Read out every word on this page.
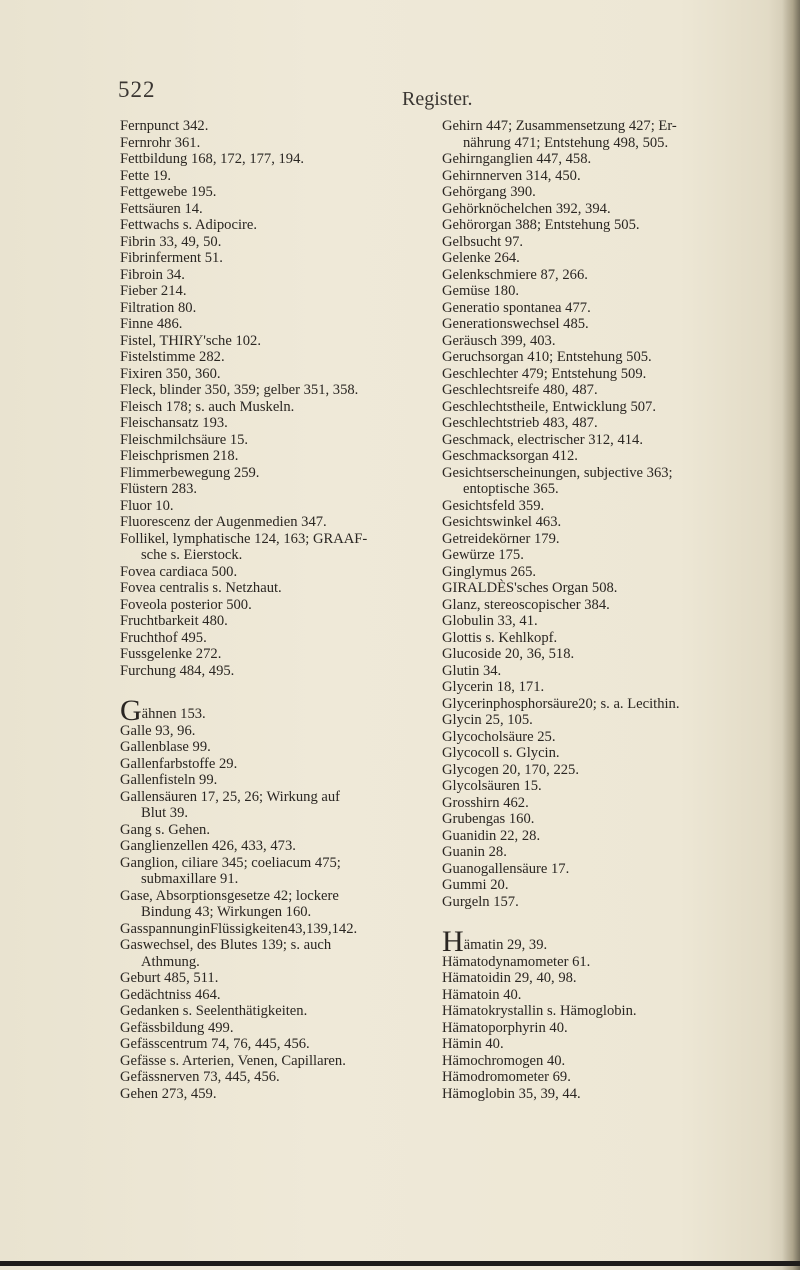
522	Register.
Fernpunct 342.
Fernrohr 361.
Fettbildung 168, 172, 177, 194.
Fette 19.
Fettgewebe 195.
Fettsäuren 14.
Fettwachs s. Adipocire.
Fibrin 33, 49, 50.
Fibrinferment 51.
Fibroin 34.
Fieber 214.
Filtration 80.
Finne 486.
Fistel, THIRY'sche 102.
Fistelstimme 282.
Fixiren 350, 360.
Fleck, blinder 350, 359; gelber 351, 358.
Fleisch 178; s. auch Muskeln.
Fleischansatz 193.
Fleischmilchsäure 15.
Fleischprismen 218.
Flimmerbewegung 259.
Flüstern 283.
Fluor 10.
Fluorescenz der Augenmedien 347.
Follikel, lymphatische 124, 163; GRAAF-
sche s. Eierstock.
Fovea cardiaca 500.
Fovea centralis s. Netzhaut.
Foveola posterior 500.
Fruchtbarkeit 480.
Fruchthof 495.
Fussgelenke 272.
Furchung 484, 495.
Gähnen 153.
Galle 93, 96.
Gallenblase 99.
Gallenfarbstoffe 29.
Gallenfisteln 99.
Gallensäuren 17, 25, 26; Wirkung auf
Blut 39.
Gang s. Gehen.
Ganglienzellen 426, 433, 473.
Ganglion, ciliare 345; coeliacum 475;
submaxillare 91.
Gase, Absorptionsgesetze 42; lockere
Bindung 43; Wirkungen 160.
GasspannunginFlüssigkeiten43,139,142.
Gaswechsel, des Blutes 139; s. auch
Athmung.
Geburt 485, 511.
Gedächtniss 464.
Gedanken s. Seelenthätigkeiten.
Gefässbildung 499.
Gefässcentrum 74, 76, 445, 456.
Gefässe s. Arterien, Venen, Capillaren.
Gefässnerven 73, 445, 456.
Gehen 273, 459.
Gehirn 447; Zusammensetzung 427; Er-
nährung 471; Entstehung 498, 505.
Gehirnganglien 447, 458.
Gehirnnerven 314, 450.
Gehörgang 390.
Gehörknöchelchen 392, 394.
Gehörorgan 388; Entstehung 505.
Gelbsucht 97.
Gelenke 264.
Gelenkschmiere 87, 266.
Gemüse 180.
Generatio spontanea 477.
Generationswechsel 485.
Geräusch 399, 403.
Geruchsorgan 410; Entstehung 505.
Geschlechter 479; Entstehung 509.
Geschlechtsreife 480, 487.
Geschlechtstheile, Entwicklung 507.
Geschlechtstrieb 483, 487.
Geschmack, electrischer 312, 414.
Geschmacksorgan 412.
Gesichtserscheinungen, subjective 363;
entoptische 365.
Gesichtsfeld 359.
Gesichtswinkel 463.
Getreidekörner 179.
Gewürze 175.
Ginglymus 265.
GIRALDÈS'sches Organ 508.
Glanz, stereoscopischer 384.
Globulin 33, 41.
Glottis s. Kehlkopf.
Glucoside 20, 36, 518.
Glutin 34.
Glycerin 18, 171.
Glycerinphosphorsäure20; s. a. Lecithin.
Glycin 25, 105.
Glycocholsäure 25.
Glycocoll s. Glycin.
Glycogen 20, 170, 225.
Glycolsäuren 15.
Grosshirn 462.
Grubengas 160.
Guanidin 22, 28.
Guanin 28.
Guanogallensäure 17.
Gummi 20.
Gurgeln 157.
Hämatin 29, 39.
Hämatodynamometer 61.
Hämatoidin 29, 40, 98.
Hämatoin 40.
Hämatokrystallin s. Hämoglobin.
Hämatoporphyrin 40.
Hämin 40.
Hämochromogen 40.
Hämodromometer 69.
Hämoglobin 35, 39, 44.
